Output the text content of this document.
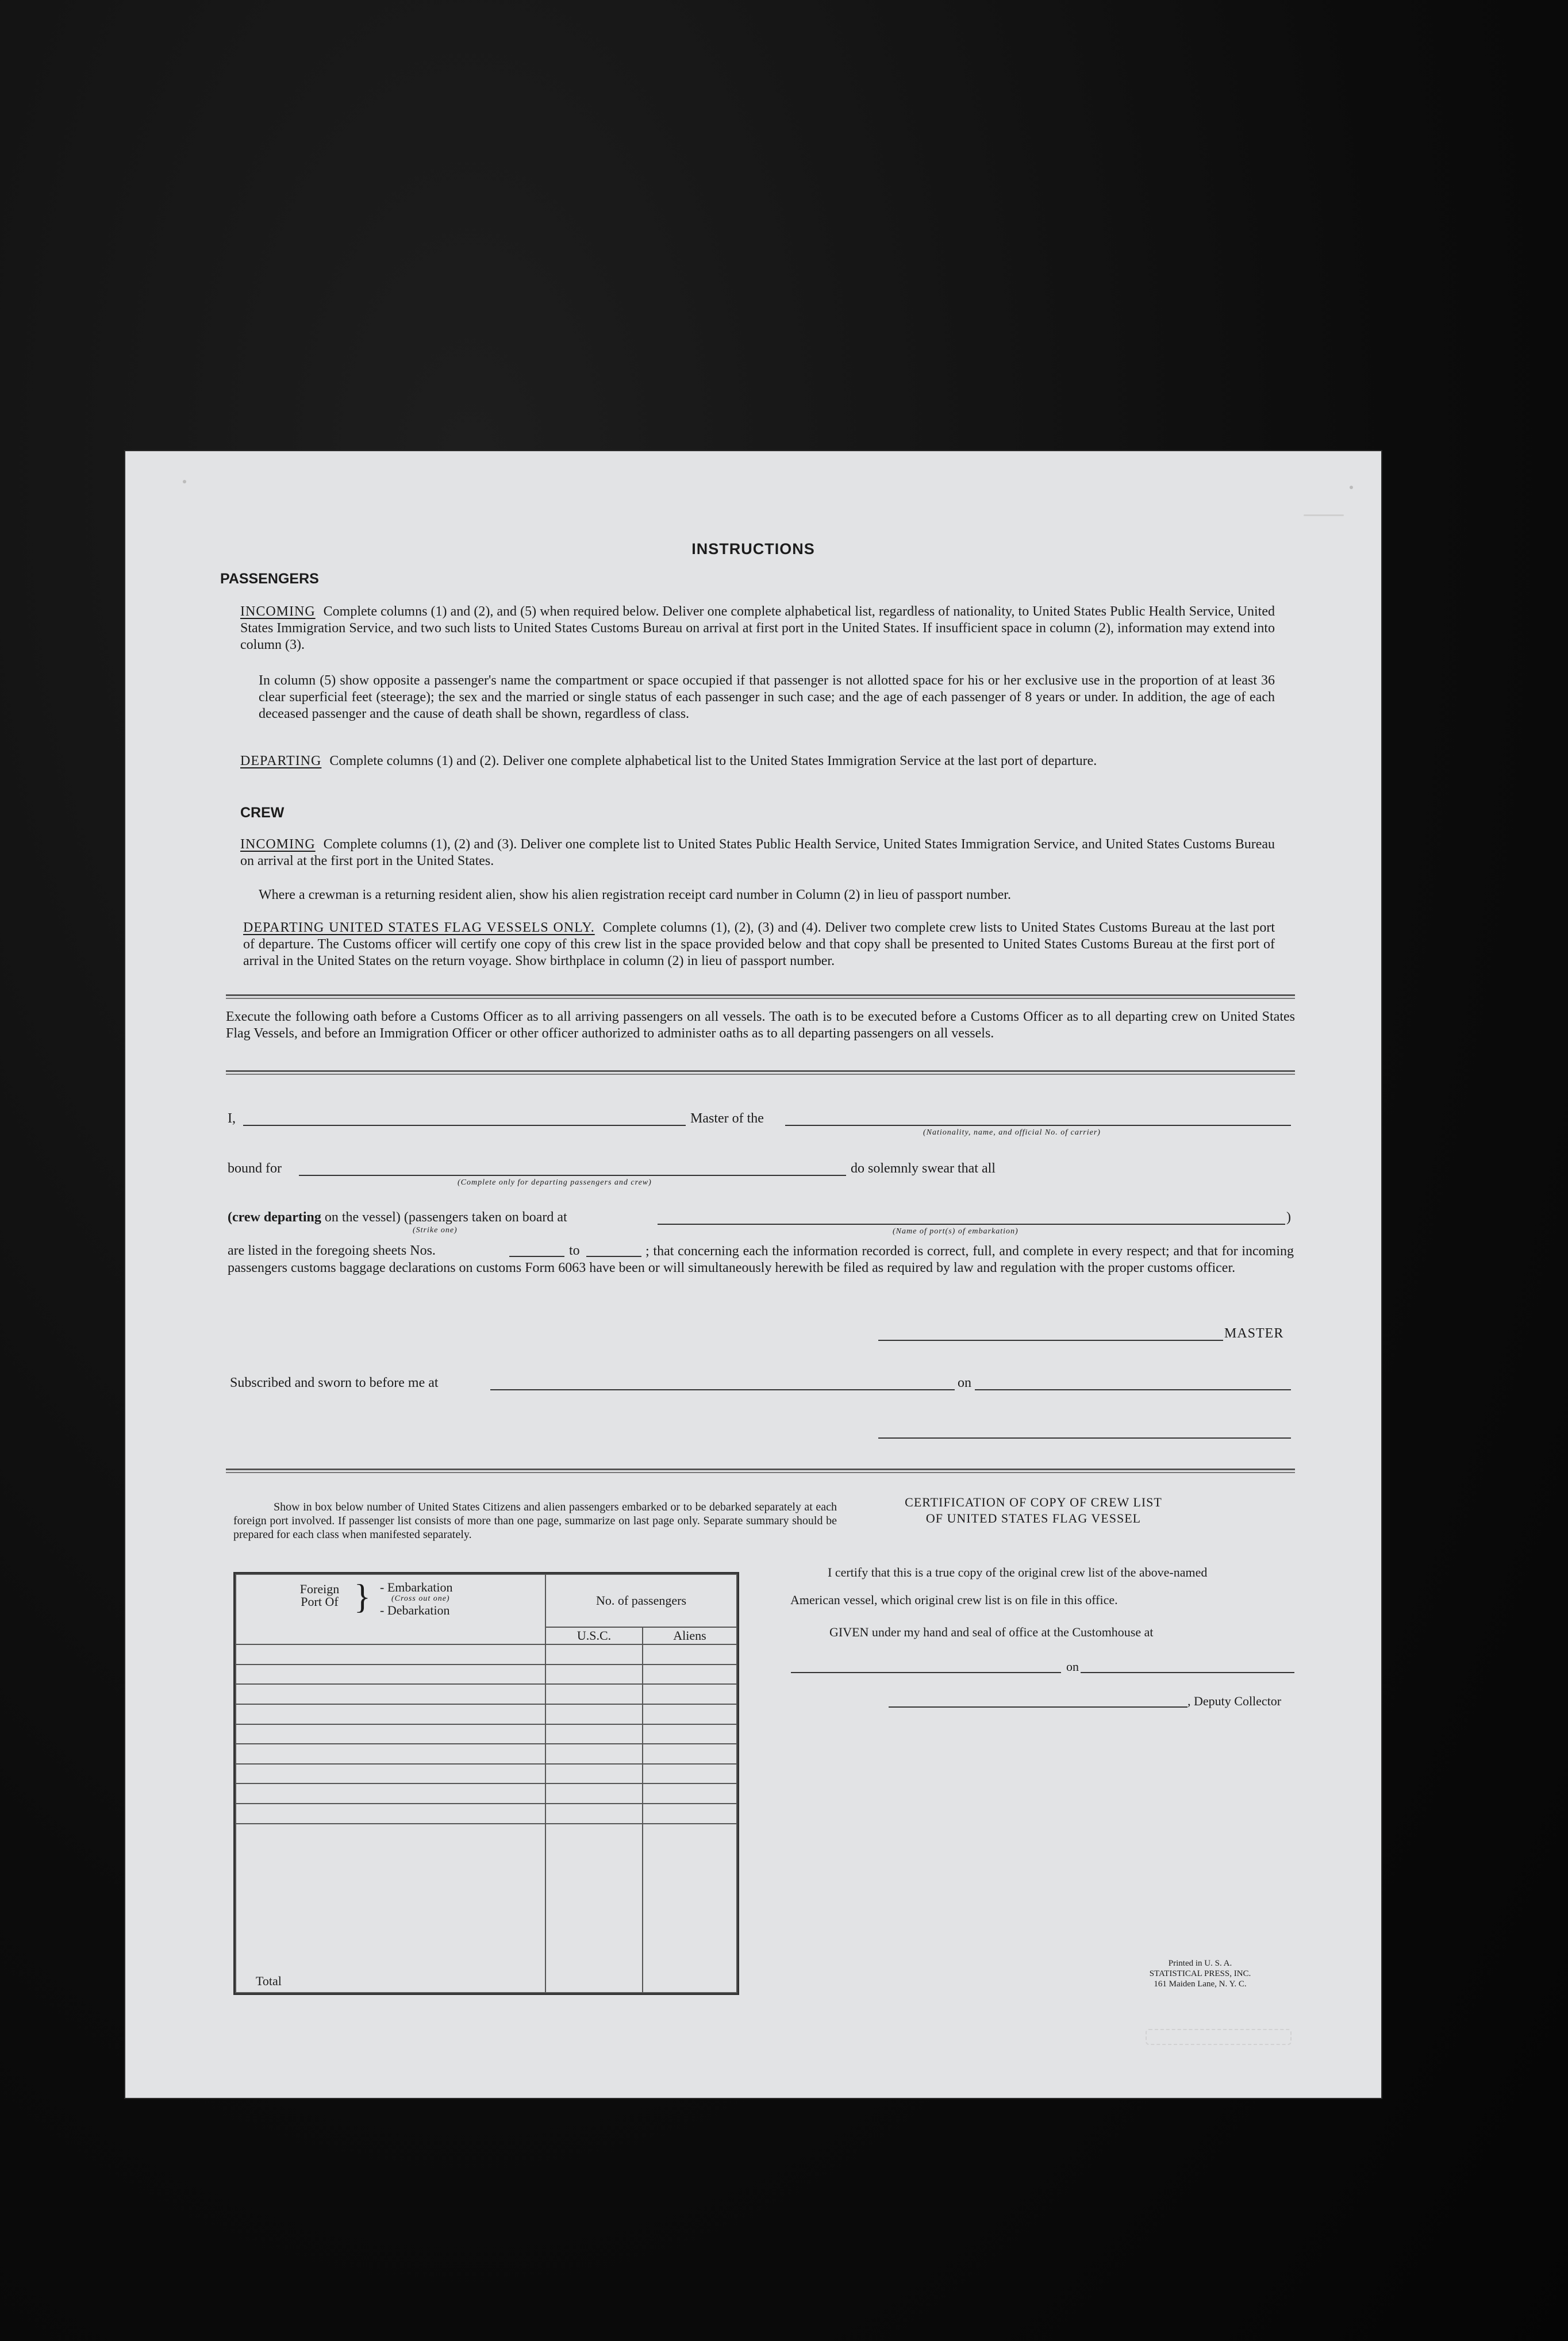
INSTRUCTIONS
PASSENGERS
INCOMING Complete columns (1) and (2), and (5) when required below. Deliver one complete alphabetical list, regardless of nationality, to United States Public Health Service, United States Immigration Service, and two such lists to United States Customs Bureau on arrival at first port in the United States. If insufficient space in column (2), information may extend into column (3).
In column (5) show opposite a passenger's name the compartment or space occupied if that passenger is not allotted space for his or her exclusive use in the proportion of at least 36 clear superficial feet (steerage); the sex and the married or single status of each passenger in such case; and the age of each passenger of 8 years or under. In addition, the age of each deceased passenger and the cause of death shall be shown, regardless of class.
DEPARTING Complete columns (1) and (2). Deliver one complete alphabetical list to the United States Immigration Service at the last port of departure.
CREW
INCOMING Complete columns (1), (2) and (3). Deliver one complete list to United States Public Health Service, United States Immigration Service, and United States Customs Bureau on arrival at the first port in the United States.
Where a crewman is a returning resident alien, show his alien registration receipt card number in Column (2) in lieu of passport number.
DEPARTING UNITED STATES FLAG VESSELS ONLY. Complete columns (1), (2), (3) and (4). Deliver two complete crew lists to United States Customs Bureau at the last port of departure. The Customs officer will certify one copy of this crew list in the space provided below and that copy shall be presented to United States Customs Bureau at the first port of arrival in the United States on the return voyage. Show birthplace in column (2) in lieu of passport number.
Execute the following oath before a Customs Officer as to all arriving passengers on all vessels. The oath is to be executed before a Customs Officer as to all departing crew on United States Flag Vessels, and before an Immigration Officer or other officer authorized to administer oaths as to all departing passengers on all vessels.
I,	Master of the
(Nationality, name, and official No. of carrier)
bound for
(Complete only for departing passengers and crew)
do solemnly swear that all
(crew departing on the vessel) (passengers taken on board at
(Strike one)
)
(Name of port(s) of embarkation)
are listed in the foregoing sheets Nos.	to	; that concerning each the information recorded is correct, full, and complete in every respect; and that for incoming passengers customs baggage declarations on customs Form 6063 have been or will simultaneously herewith be filed as required by law and regulation with the proper customs officer.
MASTER
Subscribed and sworn to before me at	on
Show in box below number of United States Citizens and alien passengers embarked or to be debarked separately at each foreign port involved. If passenger list consists of more than one page, summarize on last page only. Separate summary should be prepared for each class when manifested separately.
Foreign Port Of } - Embarkation
(Cross out one)
- Debarkation	No. of passengers	
	U.S.C.	Aliens

Total		
CERTIFICATION OF COPY OF CREW LIST
OF UNITED STATES FLAG VESSEL
I certify that this is a true copy of the original crew list of the above-named
American vessel, which original crew list is on file in this office.
GIVEN under my hand and seal of office at the Customhouse at
on
, Deputy Collector
Printed in U. S. A.
STATISTICAL PRESS, INC.
161 Maiden Lane, N. Y. C.
